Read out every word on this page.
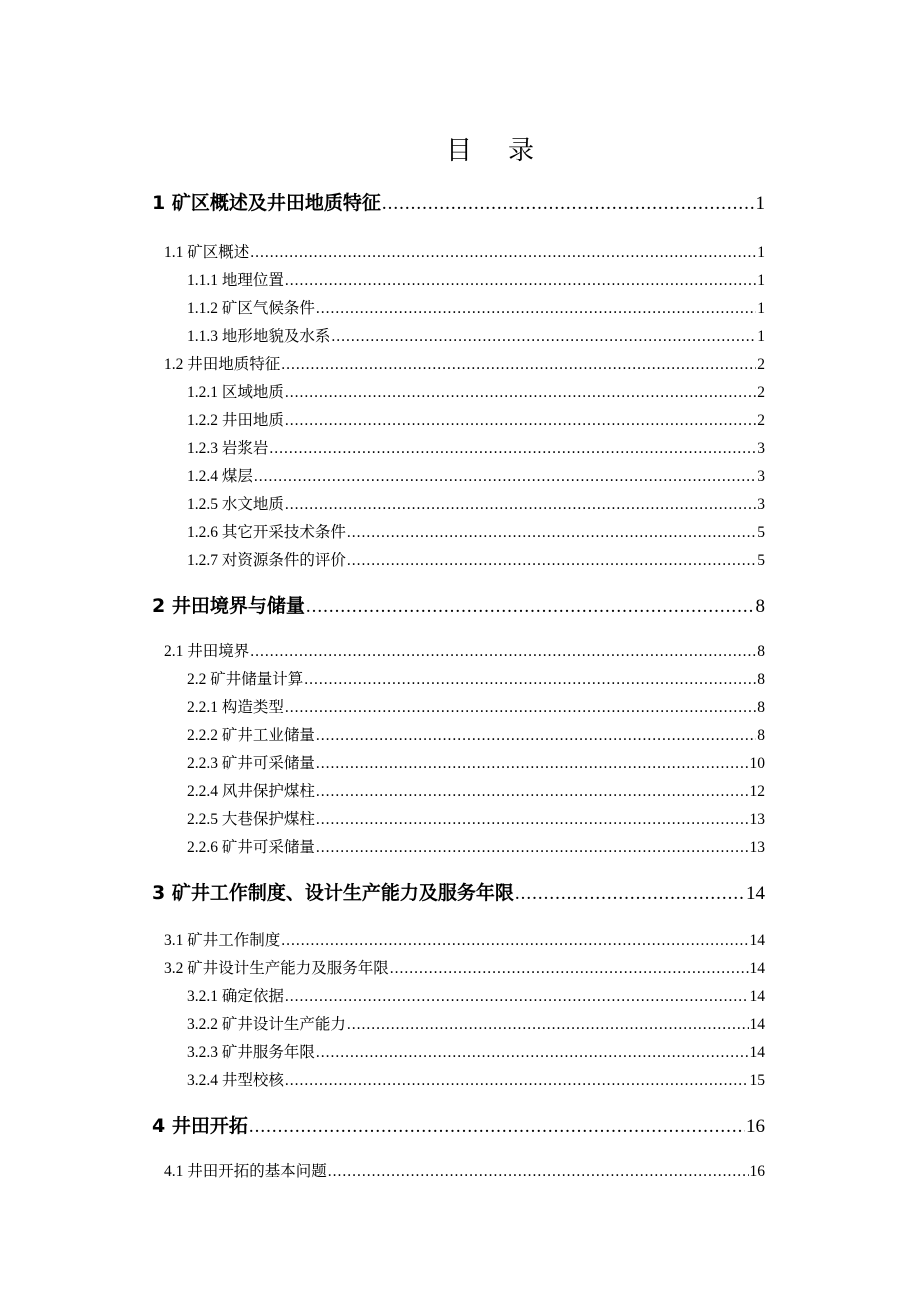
目 录
1 矿区概述及井田地质特征 .....	1
1.1 矿区概述 .....	1
1.1.1 地理位置 .....	1
1.1.2 矿区气候条件 .....	1
1.1.3 地形地貌及水系 .....	1
1.2 井田地质特征 .....	2
1.2.1 区域地质 .....	2
1.2.2 井田地质 .....	2
1.2.3 岩浆岩 .....	3
1.2.4 煤层 .....	3
1.2.5 水文地质 .....	3
1.2.6 其它开采技术条件 .....	5
1.2.7 对资源条件的评价 .....	5
2 井田境界与储量 .....	8
2.1 井田境界 .....	8
2.2 矿井储量计算 .....	8
2.2.1 构造类型 .....	8
2.2.2 矿井工业储量 .....	8
2.2.3 矿井可采储量 .....	10
2.2.4 风井保护煤柱 .....	12
2.2.5 大巷保护煤柱 .....	13
2.2.6 矿井可采储量 .....	13
3 矿井工作制度、设计生产能力及服务年限 .....	14
3.1 矿井工作制度 .....	14
3.2 矿井设计生产能力及服务年限 .....	14
3.2.1 确定依据 .....	14
3.2.2 矿井设计生产能力 .....	14
3.2.3 矿井服务年限 .....	14
3.2.4 井型校核 .....	15
4 井田开拓 .....	16
4.1 井田开拓的基本问题 .....	16
